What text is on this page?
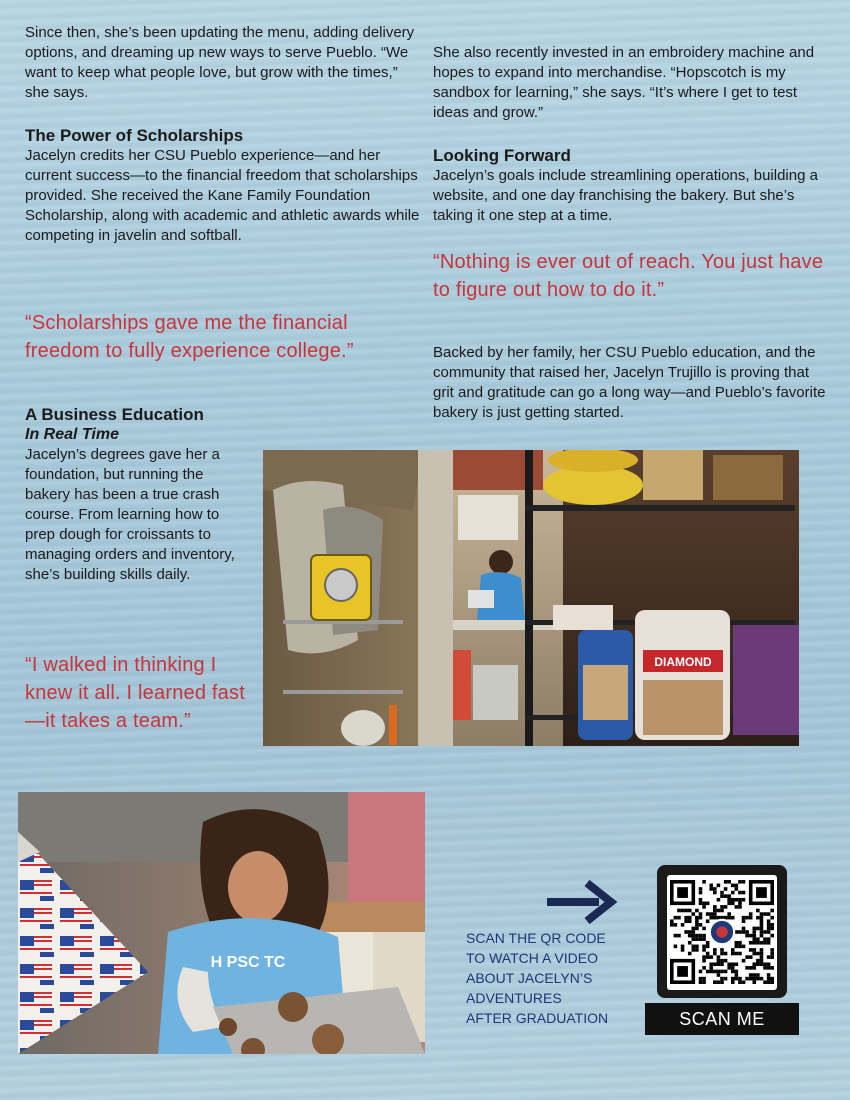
Since then, she’s been updating the menu, adding delivery options, and dreaming up new ways to serve Pueblo. “We want to keep what people love, but grow with the times,” she says.

The Power of Scholarships

Jacelyn credits her CSU Pueblo experience—and her current success—to the financial freedom that scholarships provided. She received the Kane Family Foundation Scholarship, along with academic and athletic awards while competing in javelin and softball.

“Scholarships gave me the financial freedom to fully experience college.”

A Business Education
In Real Time

Jacelyn’s degrees gave her a foundation, but running the bakery has been a true crash course. From learning how to prep dough for croissants to managing orders and inventory, she’s building skills daily.

“I walked in thinking I knew it all. I learned fast—it takes a team.”

She also recently invested in an embroidery machine and hopes to expand into merchandise. “Hopscotch is my sandbox for learning,” she says. “It’s where I get to test ideas and grow.”

Looking Forward

Jacelyn’s goals include streamlining operations, building a website, and one day franchising the bakery. But she’s taking it one step at a time.

“Nothing is ever out of reach. You just have to figure out how to do it.”

Backed by her family, her CSU Pueblo education, and the community that raised her, Jacelyn Trujillo is proving that grit and gratitude can go a long way—and Pueblo’s favorite bakery is just getting started.

DIAMOND
H PSC TC
SCAN THE QR CODE
TO WATCH A VIDEO
ABOUT JACELYN’S
ADVENTURES
AFTER GRADUATION	SCAN ME
